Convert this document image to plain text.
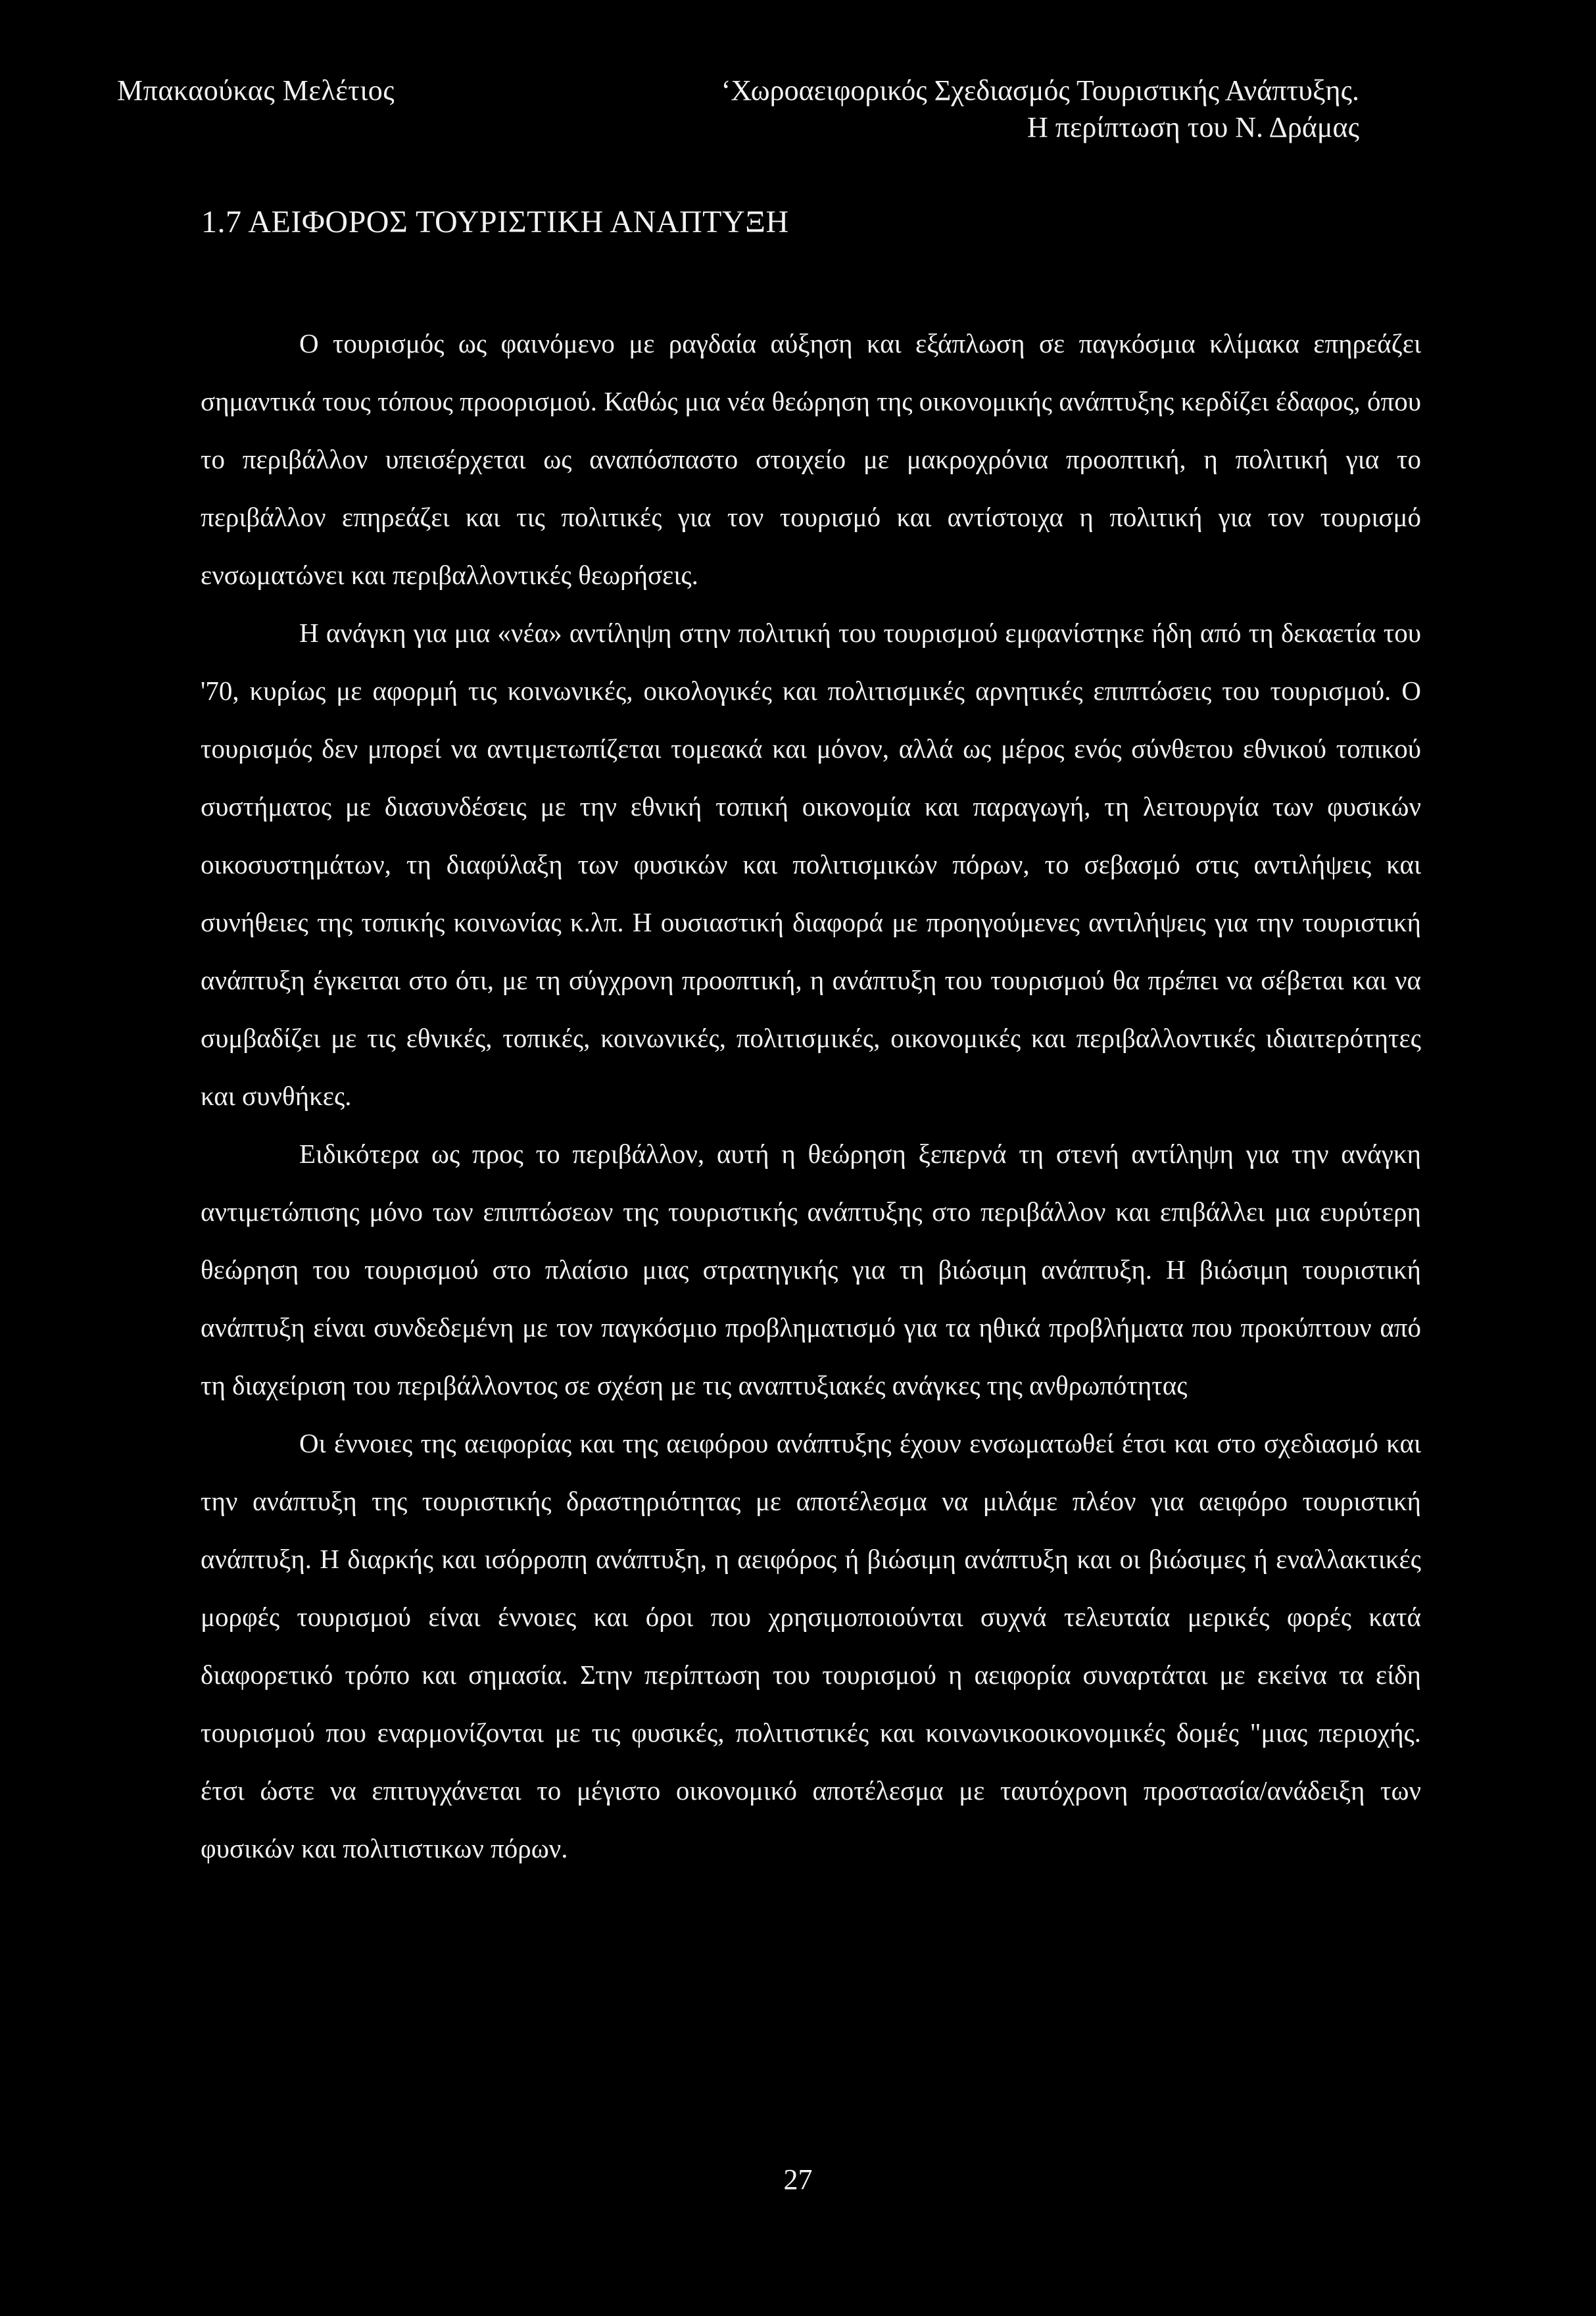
Μπακαούκας Μελέτιος	‘Χωροαειφορικός Σχεδιασμός Τουριστικής Ανάπτυξης.
Η περίπτωση του Ν. Δράμας
1.7 ΑΕΙΦΟΡΟΣ ΤΟΥΡΙΣΤΙΚΗ ΑΝΑΠΤΥΞΗ

Ο τουρισμός ως φαινόμενο με ραγδαία αύξηση και εξάπλωση σε παγκόσμια κλίμακα επηρεάζει σημαντικά τους τόπους προορισμού. Καθώς μια νέα θεώρηση της οικονομικής ανάπτυξης κερδίζει έδαφος, όπου το περιβάλλον υπεισέρχεται ως αναπόσπαστο στοιχείο με μακροχρόνια προοπτική, η πολιτική για το περιβάλλον επηρεάζει και τις πολιτικές για τον τουρισμό και αντίστοιχα η πολιτική για τον τουρισμό ενσωματώνει και περιβαλλοντικές θεωρήσεις.

Η ανάγκη για μια «νέα» αντίληψη στην πολιτική του τουρισμού εμφανίστηκε ήδη από τη δεκαετία του '70, κυρίως με αφορμή τις κοινωνικές, οικολογικές και πολιτισμικές αρνητικές επιπτώσεις του τουρισμού. Ο τουρισμός δεν μπορεί να αντιμετωπίζεται τομεακά και μόνον, αλλά ως μέρος ενός σύνθετου εθνικού τοπικού συστήματος με διασυνδέσεις με την εθνική τοπική οικονομία και παραγωγή, τη λειτουργία των φυσικών οικοσυστημάτων, τη διαφύλαξη των φυσικών και πολιτισμικών πόρων, το σεβασμό στις αντιλήψεις και συνήθειες της τοπικής κοινωνίας κ.λπ. Η ουσιαστική διαφορά με προηγούμενες αντιλήψεις για την τουριστική ανάπτυξη έγκειται στο ότι, με τη σύγχρονη προοπτική, η ανάπτυξη του τουρισμού θα πρέπει να σέβεται και να συμβαδίζει με τις εθνικές, τοπικές, κοινωνικές, πολιτισμικές, οικονομικές και περιβαλλοντικές ιδιαιτερότητες και συνθήκες.

Ειδικότερα ως προς το περιβάλλον, αυτή η θεώρηση ξεπερνά τη στενή αντίληψη για την ανάγκη αντιμετώπισης μόνο των επιπτώσεων της τουριστικής ανάπτυξης στο περιβάλλον και επιβάλλει μια ευρύτερη θεώρηση του τουρισμού στο πλαίσιο μιας στρατηγικής για τη βιώσιμη ανάπτυξη. Η βιώσιμη τουριστική ανάπτυξη είναι συνδεδεμένη με τον παγκόσμιο προβληματισμό για τα ηθικά προβλήματα που προκύπτουν από τη διαχείριση του περιβάλλοντος σε σχέση με τις αναπτυξιακές ανάγκες της ανθρωπότητας

Οι έννοιες της αειφορίας και της αειφόρου ανάπτυξης έχουν ενσωματωθεί έτσι και στο σχεδιασμό και την ανάπτυξη της τουριστικής δραστηριότητας με αποτέλεσμα να μιλάμε πλέον για αειφόρο τουριστική ανάπτυξη. Η διαρκής και ισόρροπη ανάπτυξη, η αειφόρος ή βιώσιμη ανάπτυξη και οι βιώσιμες ή εναλλακτικές μορφές τουρισμού είναι έννοιες και όροι που χρησιμοποιούνται συχνά τελευταία μερικές φορές κατά διαφορετικό τρόπο και σημασία. Στην περίπτωση του τουρισμού η αειφορία συναρτάται με εκείνα τα είδη τουρισμού που εναρμονίζονται με τις φυσικές, πολιτιστικές και κοινωνικοοικονομικές δομές "μιας περιοχής. έτσι ώστε να επιτυγχάνεται το μέγιστο οικονομικό αποτέλεσμα με ταυτόχρονη προστασία/ανάδειξη των φυσικών και πολιτιστικων πόρων.

27
